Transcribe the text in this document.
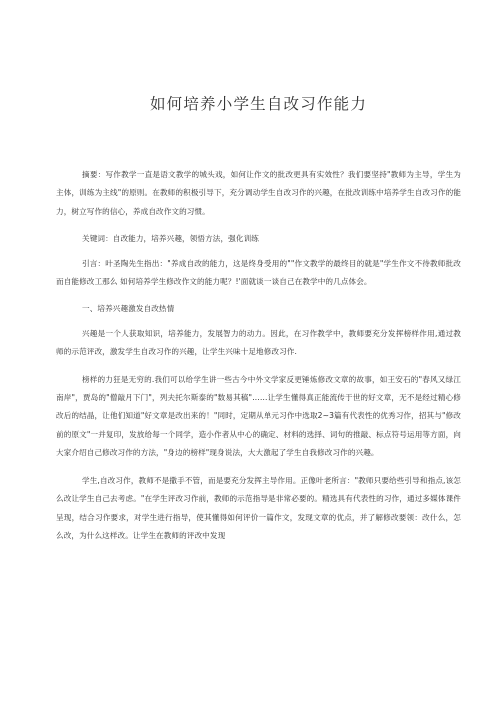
如何培养小学生自改习作能力

摘要：写作教学一直是语文教学的城头戏，如何让作文的批改更具有实效性？我们要坚持"教师为主导，学生为主体，训练为主线"的原则。在教师的积极引导下，充分调动学生自改习作的兴趣，在批改训练中培养学生自改习作的能力，树立写作的信心，养成自改作文的习惯。

关键词：自改能力，培养兴趣，领悟方法，强化训练

引言：叶圣陶先生指出："养成自改的能力，这是终身受用的""作文教学的最终目的就是"学生作文不待教师批改而自能修改工那么 如何培养学生修改作文的能力呢？!'面就谈一谈自己在教学中的几点体会。

一、培养兴趣激发自改热情

兴趣是一个人获取知识，培养能力，发展智力的动力。因此，在习作教学中，教师要充分发挥榜样作用,通过教师的示范评改，激发学生自改习作的兴趣，让学生兴味十足地修改习作.

榜样的力狂是无穷的.我们可以给学生讲一些古今中外文学家反更锤炼修改文章的故事，如王安石的"春风又绿江南岸"，贾岛的"僧敲月下门"，列夫托尔斯泰的"数易其稿"……让学生懂得真正能流传于世的好文章，无不是经过精心修改后的结晶，让他们知道"好文章是改出来的！"同时，定期从单元习作中选取2~3篇有代表性的优秀习作，招其与"修改前的原文"一并复印，发放给每一个同学，造小作者从中心的确定、材料的选择、词句的推敲、标点符号运用等方面，向大家介绍自己修改习作的方法，"身边的榜样"现身说法，大大激起了学生自我修改习作的兴趣。

学生,自改习作，教师不是撒手不管，而是要充分发挥主导作用。正像叶老所言："教师只要给些引导和指点,该怎么改让学生自己去考虑。"在学生评改习作前，教师的示范指导是非常必要的。精选具有代表性的习作，通过多媒体课件呈现，结合习作要求，对学生进行指导，使其懂得如何评价一篇作文，发现文章的优点，并了解修改要领：改什么，怎么改，为什么这样改。让学生在教师的评改中发现
